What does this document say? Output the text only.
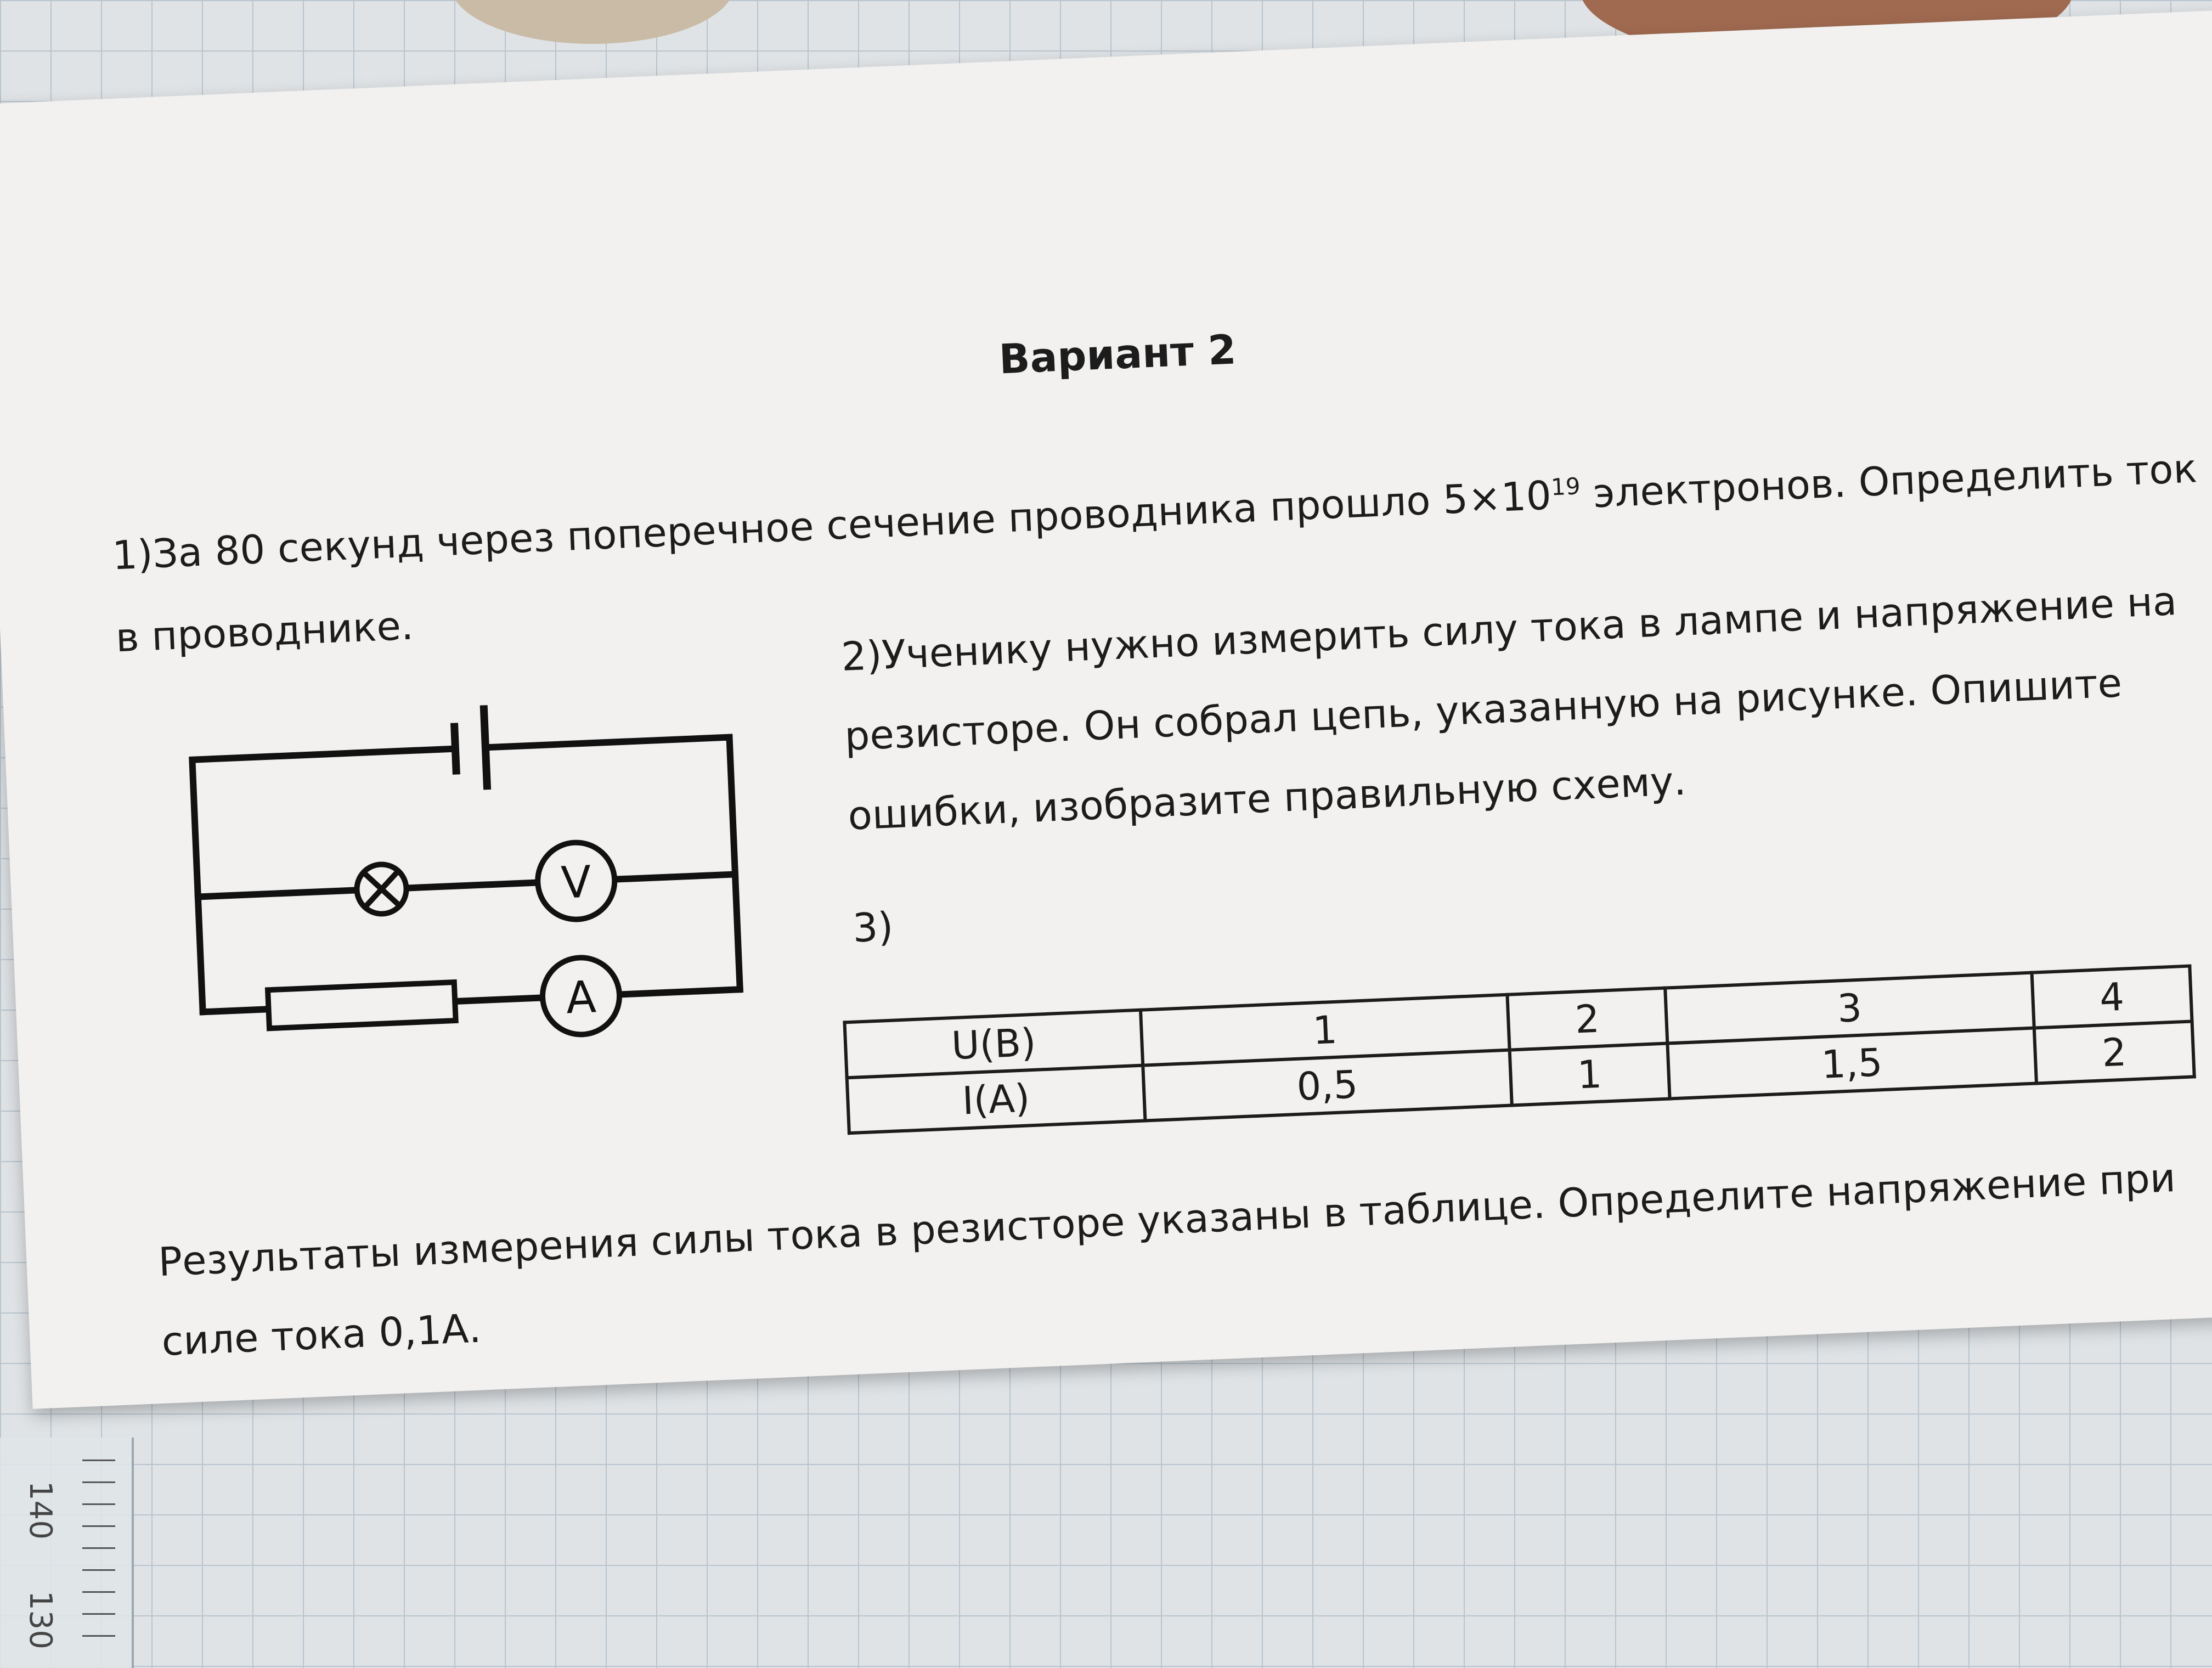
Вариант 2
1)За 80 секунд через поперечное сечение проводника прошло $5\times 10^{19}$ электронов. Определить ток
в проводнике.
V
A
2)Ученику нужно измерить силу тока в лампе и напряжение на
резисторе. Он собрал цепь, указанную на рисунке. Опишите
ошибки, изобразите правильную схему.
3)
U(B)	1	2	3	4
I(A)	0,5	1	1,5	2
Результаты измерения силы тока в резисторе указаны в таблице. Определите напряжение при
силе тока 0,1А.
140
130
